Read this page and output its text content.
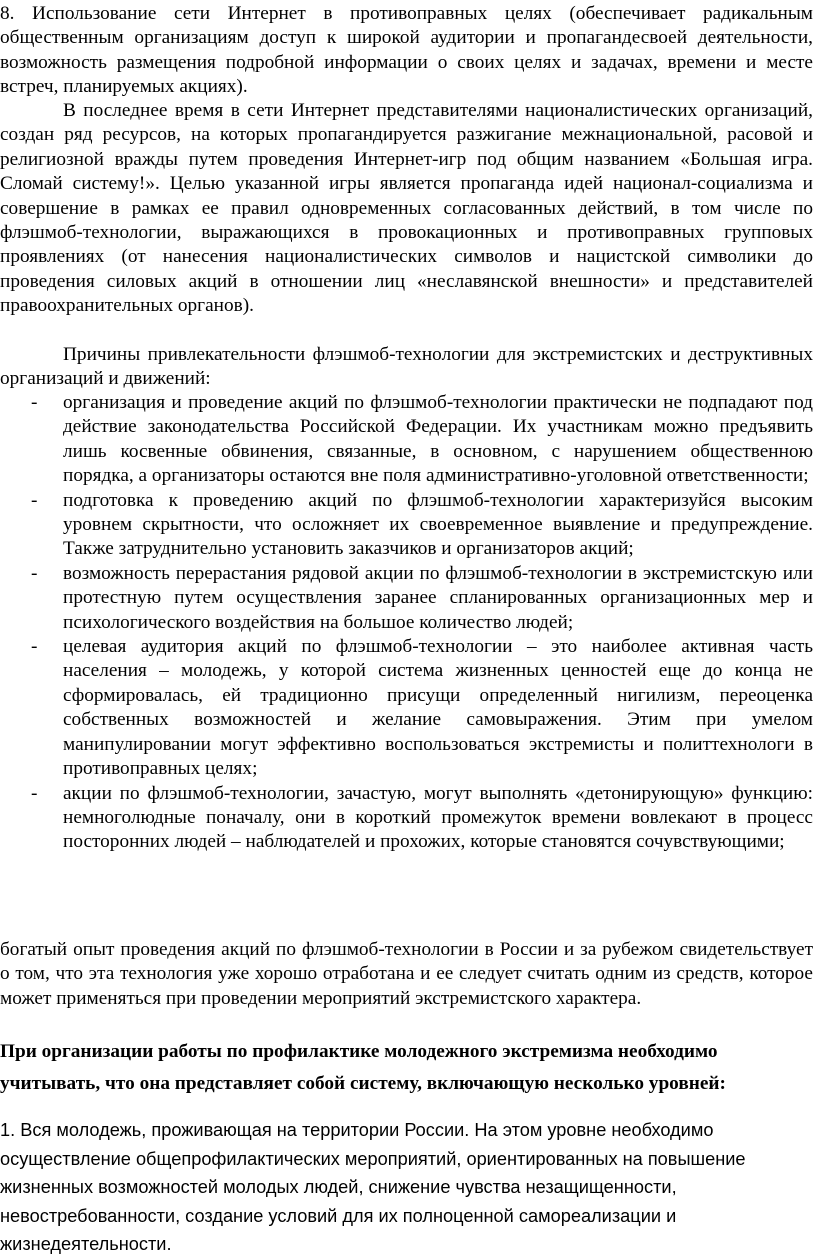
8. Использование сети Интернет в противоправных целях (обеспечивает радикальным общественным организациям доступ к широкой аудитории и пропагандесвоей деятельности, возможность размещения подробной информации о своих целях и задачах, времени и месте встреч, планируемых акциях).

В последнее время в сети Интернет представителями националистических организаций, создан ряд ресурсов, на которых пропагандируется разжигание межнациональной, расовой и религиозной вражды путем проведения Интернет-игр под общим названием «Большая игра. Сломай систему!». Целью указанной игры является пропаганда идей национал-социализма и совершение в рамках ее правил одновременных согласованных действий, в том числе по флэшмоб-технологии, выражающихся в провокационных и противоправных групповых проявлениях (от нанесения националистических символов и нацистской символики до проведения силовых акций в отношении лиц «неславянской внешности» и представителей правоохранительных органов).

Причины привлекательности флэшмоб-технологии для экстремистских и деструктивных организаций и движений:

- организация и проведение акций по флэшмоб-технологии практически не подпадают под действие законодательства Российской Федерации. Их участникам можно предъявить лишь косвенные обвинения, связанные, в основном, с нарушением общественною порядка, а организаторы остаются вне поля административно-уголовной ответственности;
- подготовка к проведению акций по флэшмоб-технологии характеризуйся высоким уровнем скрытности, что осложняет их своевременное выявление и предупреждение. Также затруднительно установить заказчиков и организаторов акций;
- возможность перерастания рядовой акции по флэшмоб-технологии в экстремистскую или протестную путем осуществления заранее спланированных организационных мер и психологического воздействия на большое количество людей;
- целевая аудитория акций по флэшмоб-технологии – это наиболее активная часть населения – молодежь, у которой система жизненных ценностей еще до конца не сформировалась, ей традиционно присущи определенный нигилизм, переоценка собственных возможностей и желание самовыражения. Этим при умелом манипулировании могут эффективно воспользоваться экстремисты и политтехнологи в противоправных целях;
- акции по флэшмоб-технологии, зачастую, могут выполнять «детонирующую» функцию: немноголюдные поначалу, они в короткий промежуток времени вовлекают в процесс посторонних людей – наблюдателей и прохожих, которые становятся сочувствующими;

богатый опыт проведения акций по флэшмоб-технологии в России и за рубежом свидетельствует о том, что эта технология уже хорошо отработана и ее следует считать одним из средств, которое может применяться при проведении мероприятий экстремистского характера.

При организации работы по профилактике молодежного экстремизма необходимо учитывать, что она представляет собой систему, включающую несколько уровней:

1. Вся молодежь, проживающая на территории России. На этом уровне необходимо осуществление общепрофилактических мероприятий, ориентированных на повышение жизненных возможностей молодых людей, снижение чувства незащищенности, невостребованности, создание условий для их полноценной самореализации и жизнедеятельности.
